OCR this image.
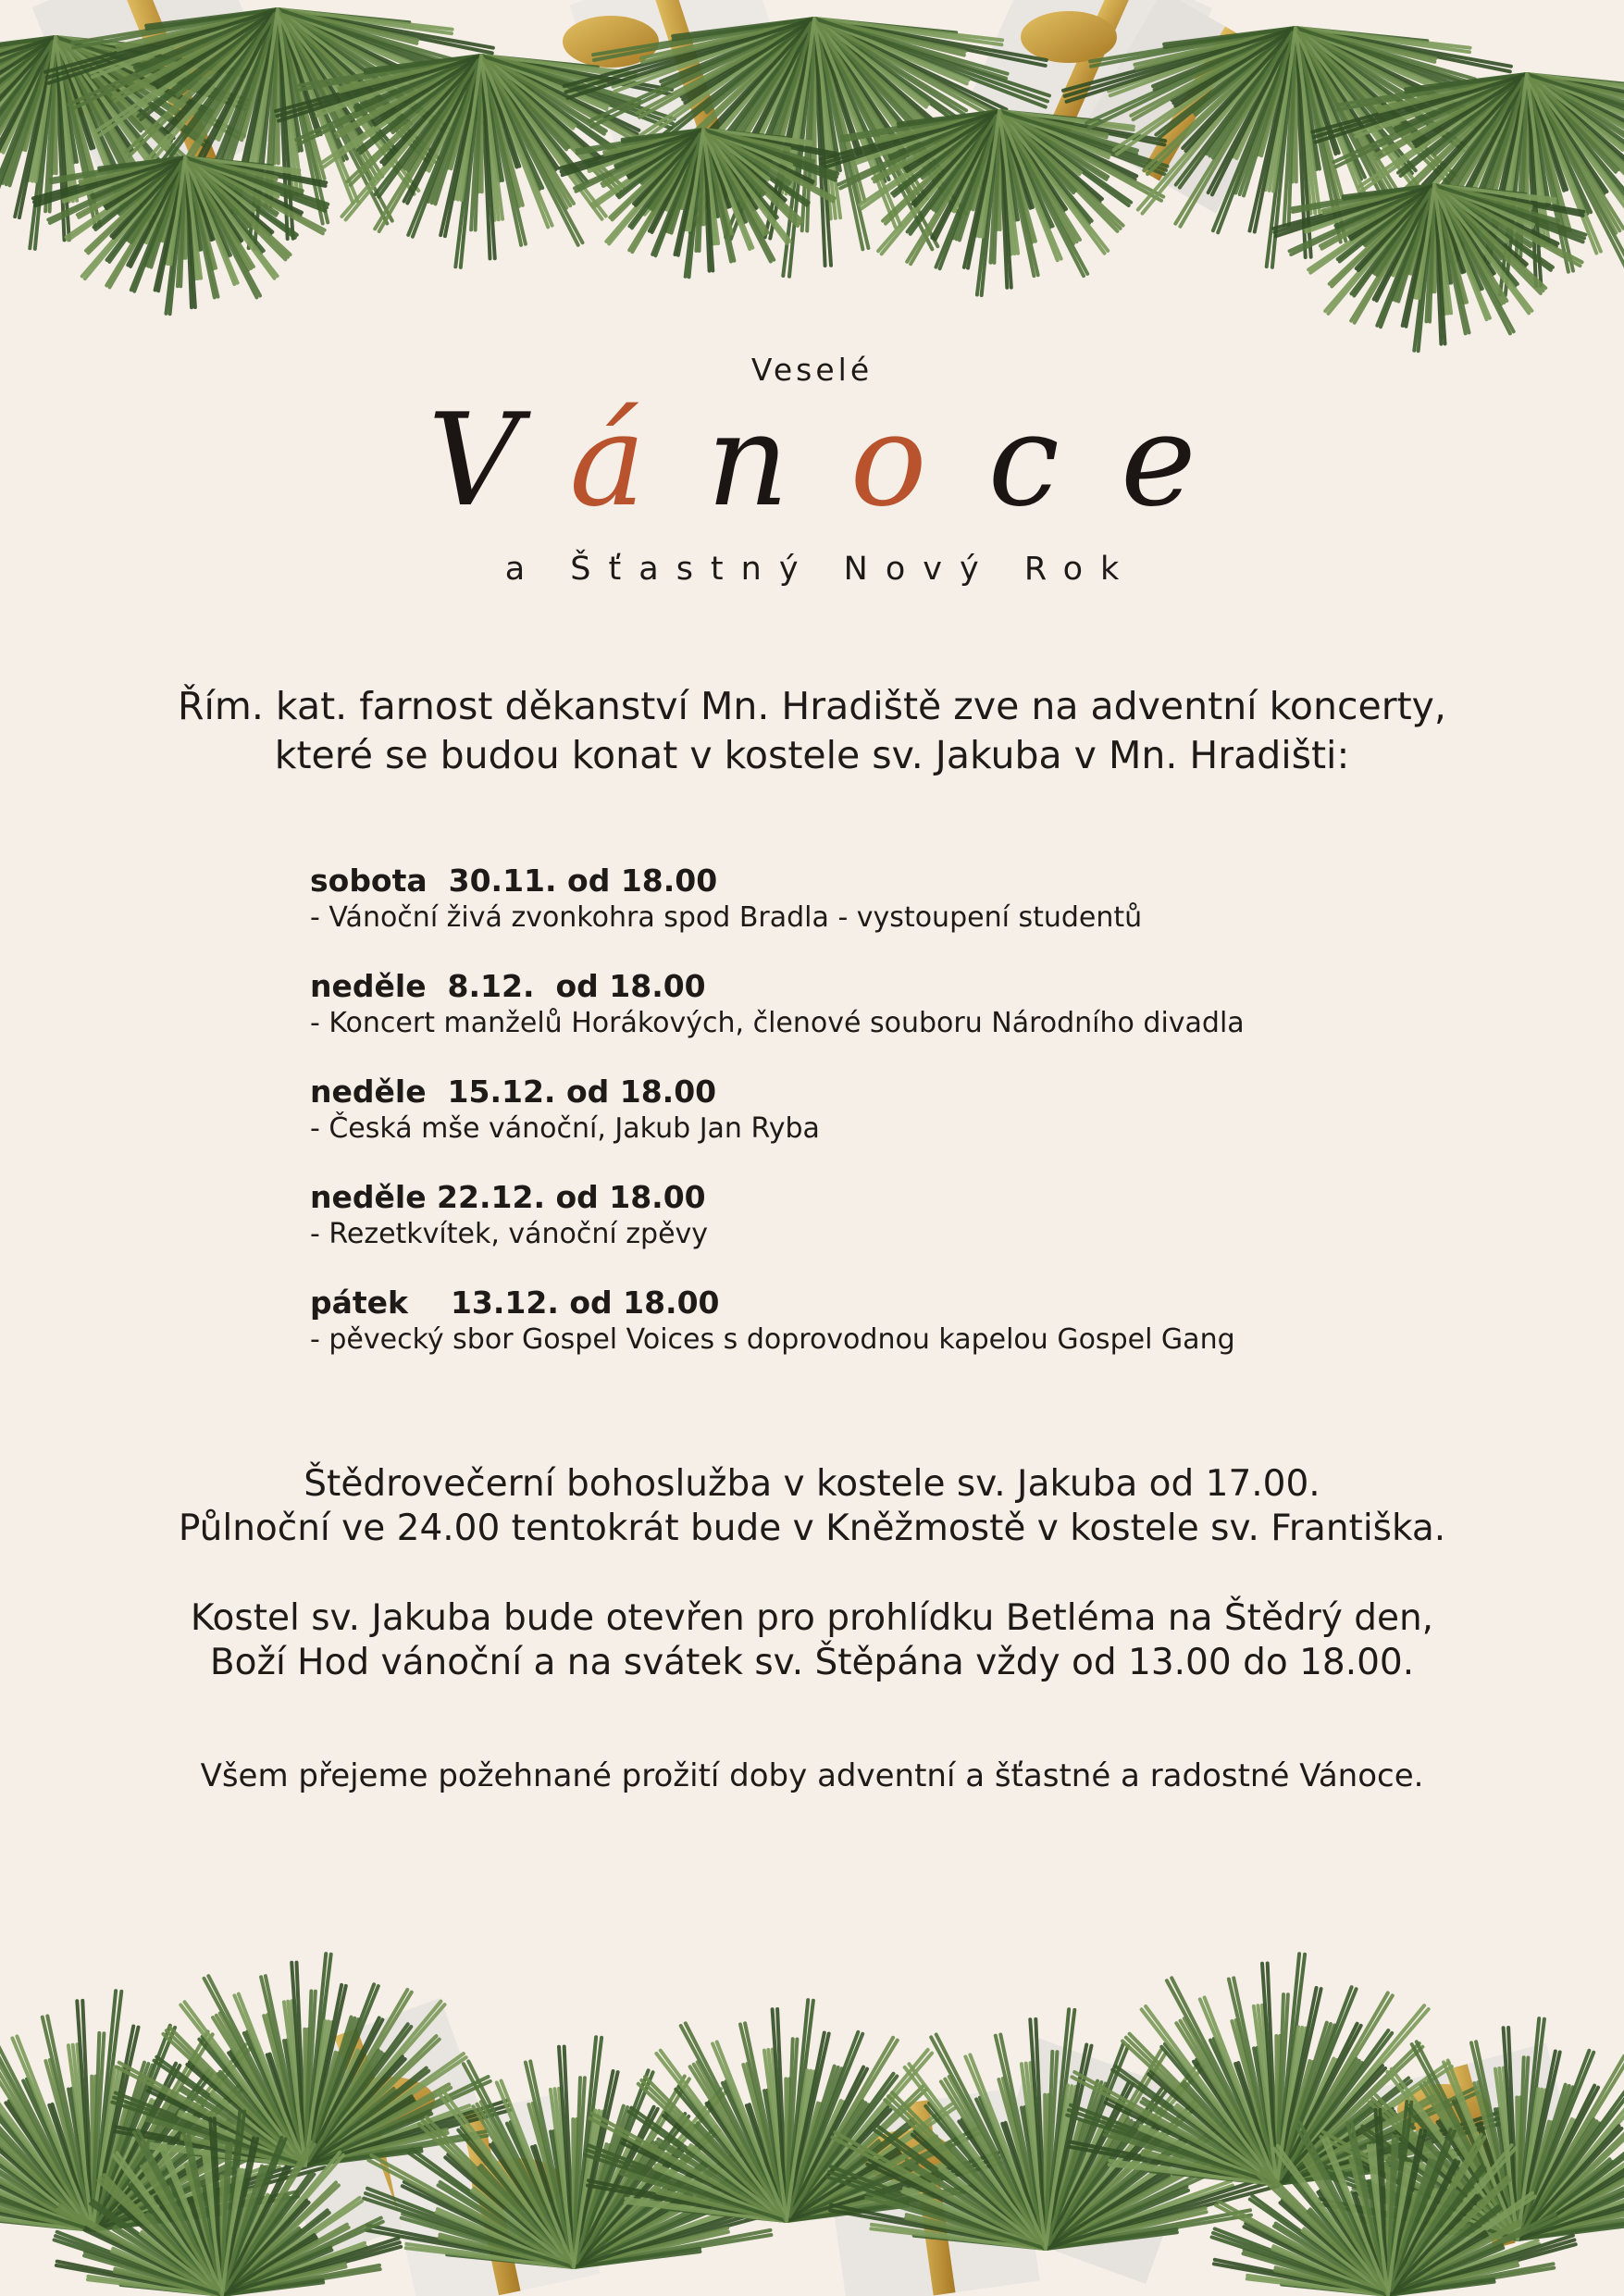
Veselé
Vánoce
a Šťastný Nový Rok
Řím. kat. farnost děkanství Mn. Hradiště zve na adventní koncerty,
které se budou konat v kostele sv. Jakuba v Mn. Hradišti:
sobota  30.11. od 18.00
- Vánoční živá zvonkohra spod Bradla - vystoupení studentů
neděle  8.12.  od 18.00
- Koncert manželů Horákových, členové souboru Národního divadla
neděle  15.12. od 18.00
- Česká mše vánoční, Jakub Jan Ryba
neděle 22.12. od 18.00
- Rezetkvítek, vánoční zpěvy
pátek    13.12. od 18.00
- pěvecký sbor Gospel Voices s doprovodnou kapelou Gospel Gang
Štědrovečerní bohoslužba v kostele sv. Jakuba od 17.00.
Půlnoční ve 24.00 tentokrát bude v Kněžmostě v kostele sv. Františka.
Kostel sv. Jakuba bude otevřen pro prohlídku Betléma na Štědrý den,
Boží Hod vánoční a na svátek sv. Štěpána vždy od 13.00 do 18.00.
Všem přejeme požehnané prožití doby adventní a šťastné a radostné Vánoce.
